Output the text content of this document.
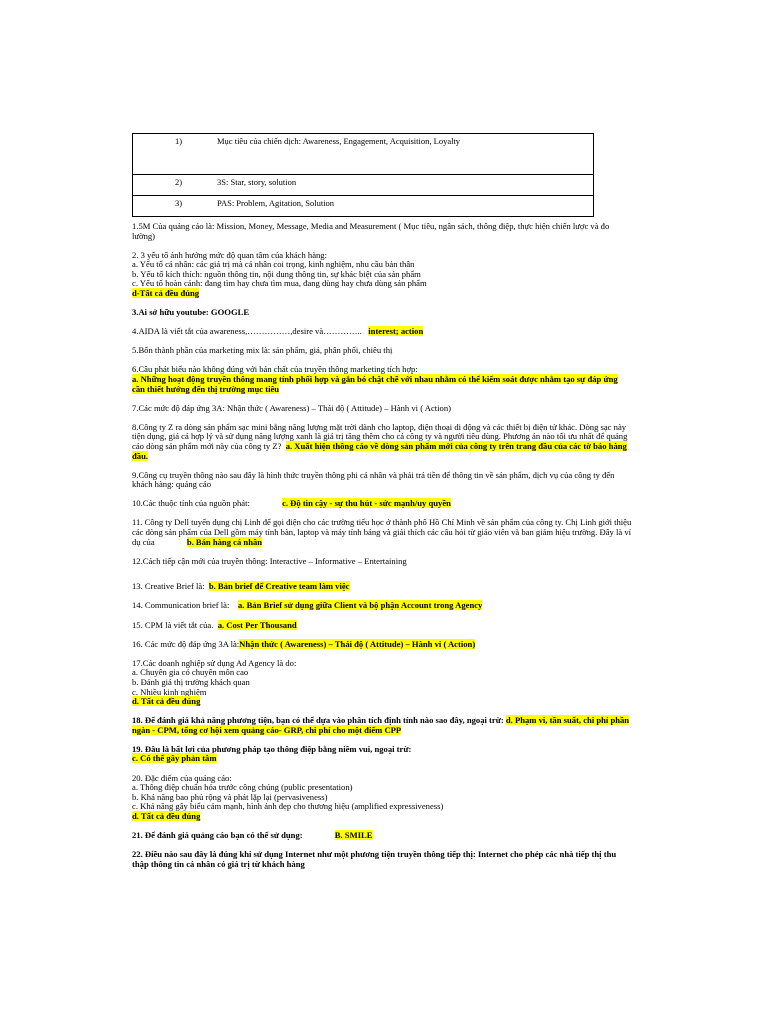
1)	Mục tiêu của chiến dịch: Awareness, Engagement, Acquisition, Loyalty
2)	3S: Star, story, solution
3)	PAS: Problem, Agitation, Solution
1.5M Của quảng cáo là: Mission, Money, Message, Media and Measurement ( Mục tiêu, ngân sách, thông điệp, thực hiện chiến lược và đo lường)
2. 3 yếu tố ảnh hưởng mức độ quan tâm của khách hàng:
a. Yếu tố cá nhân: các giá trị mà cá nhân coi trọng, kinh nghiệm, nhu cầu bản thân
b. Yếu tố kích thích: nguồn thông tin, nội dung thông tin, sự khác biệt của sản phẩm
c. Yếu tố hoàn cảnh: đang tìm hay chưa tìm mua, đang dùng hay chưa dùng sản phẩm
d-Tất cả đều đúng
3.Ai sở hữu youtube: GOOGLE
4.AIDA là viết tắt của awareness,……………,desire và………….. interest; action
5.Bốn thành phần của marketing mix là: sản phẩm, giá, phân phối, chiêu thị
6.Câu phát biểu nào không đúng với bản chất của truyền thông marketing tích hợp:
a. Những hoạt động truyền thông mang tính phối hợp và gắn bó chặt chẽ với nhau nhằm có thể kiểm soát được nhằm tạo sự đáp ứng cần thiết hướng đến thị trường mục tiêu
7.Các mức độ đáp ứng 3A: Nhận thức ( Awareness) – Thái độ ( Attitude) – Hành vi ( Action)
8.Công ty Z ra dòng sản phẩm sạc mini bằng năng lượng mặt trời dành cho laptop, điện thoại di động và các thiết bị điện tử khác. Dòng sạc này tiện dụng, giá cả hợp lý và sử dụng năng lượng xanh là giá trị tăng thêm cho cả công ty và người tiêu dùng. Phương án nào tối ưu nhất để quảng cáo dòng sản phẩm mới này của công ty Z? a. Xuất hiện thông cáo về dòng sản phẩm mới của công ty trên trang đầu của các tờ báo hàng đầu.
9.Công cụ truyền thông nào sau đây là hình thức truyền thông phi cá nhân và phải trả tiền để thông tin về sản phẩm, dịch vụ của công ty đến khách hàng: quảng cáo
10.Các thuộc tính của nguồn phát:	c. Độ tin cậy - sự thu hút - sức mạnh/uy quyền
11. Công ty Dell tuyển dụng chị Linh để gọi điện cho các trường tiểu học ở thành phố Hồ Chí Minh về sản phẩm của công ty. Chị Linh giới thiệu các dòng sản phẩm của Dell gồm máy tính bàn, laptop và máy tính bảng và giải thích các câu hỏi từ giáo viên và ban giám hiệu trường. Đây là ví dụ của	b. Bán hàng cá nhân
12.Cách tiếp cận mới của truyền thông: Interactive – Informative – Entertaining
13. Creative Brief là: b. Bản brief để Creative team làm việc
14. Communication brief là: a. Bản Brief sử dụng giữa Client và bộ phận Account trong Agency
15. CPM là viết tắt của. a. Cost Per Thousand
16. Các mức độ đáp ứng 3A là:Nhận thức ( Awareness) – Thái độ ( Attitude) – Hành vi ( Action)
17.Các doanh nghiệp sử dụng Ad Agency là do:
a. Chuyên gia có chuyên môn cao
b. Đánh giá thị trường khách quan
c. Nhiều kinh nghiệm
d. Tất cả đều đúng
18. Để đánh giá khả năng phương tiện, bạn có thể dựa vào phân tích định tính nào sao đây, ngoại trừ: d. Phạm vi, tần suất, chi phí phần ngàn - CPM, tổng cơ hội xem quảng cáo- GRP, chi phí cho một điểm CPP
19. Đâu là bất lợi của phương pháp tạo thông điệp bằng niềm vui, ngoại trừ:
c. Có thể gây phản tâm
20. Đặc điểm của quảng cáo:
a. Thông điệp chuẩn hóa trước công chúng (public presentation)
b. Khả năng bao phủ rộng và phát lặp lại (pervasiveness)
c. Khả năng gây biểu cảm mạnh, hình ảnh đẹp cho thương hiệu (amplified expressiveness)
d. Tất cả đều đúng
21. Để đánh giá quảng cáo bạn có thể sử dụng:	B. SMILE
22. Điều nào sau đây là đúng khi sử dụng Internet như một phương tiện truyền thông tiếp thị: Internet cho phép các nhà tiếp thị thu thập thông tin cá nhân có giá trị từ khách hàng
